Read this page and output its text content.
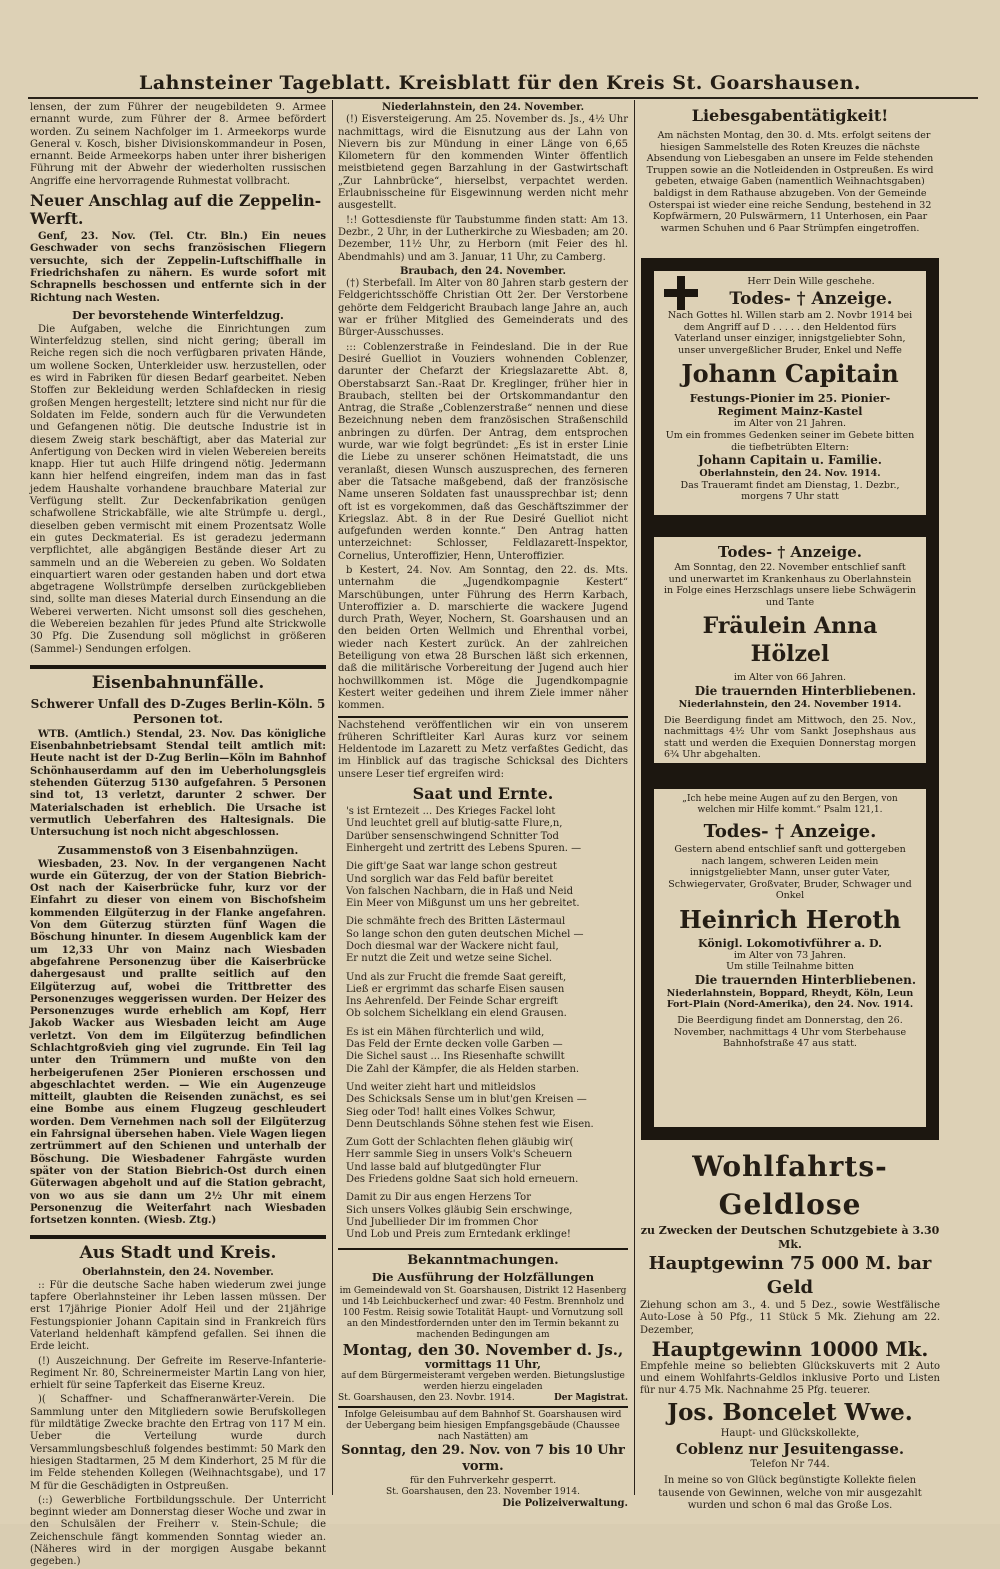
Lahnsteiner Tageblatt. Kreisblatt für den Kreis St. Goarshausen.

lensen, der zum Führer der neugebildeten 9. Armee ernannt wurde, zum Führer der 8. Armee befördert worden. Zu seinem Nachfolger im 1. Armeekorps wurde General v. Kosch, bisher Divisionskommandeur in Posen, ernannt. Beide Armeekorps haben unter ihrer bisherigen Führung mit der Abwehr der wiederholten russischen Angriffe eine hervorragende Ruhmestat vollbracht.

Neuer Anschlag auf die Zeppelin-Werft.

Genf, 23. Nov. (Tel. Ctr. Bln.) Ein neues Geschwader von sechs französischen Fliegern versuchte, sich der Zeppelin-Luftschiffhalle in Friedrichshafen zu nähern. Es wurde sofort mit Schrapnells beschossen und entfernte sich in der Richtung nach Westen.

Der bevorstehende Winterfeldzug.

Die Aufgaben, welche die Einrichtungen zum Winterfeldzug stellen, sind nicht gering; überall im Reiche regen sich die noch verfügbaren privaten Hände, um wollene Socken, Unterkleider usw. herzustellen, oder es wird in Fabriken für diesen Bedarf gearbeitet. Neben Stoffen zur Bekleidung werden Schlafdecken in riesig großen Mengen hergestellt; letztere sind nicht nur für die Soldaten im Felde, sondern auch für die Verwundeten und Gefangenen nötig. Die deutsche Industrie ist in diesem Zweig stark beschäftigt, aber das Material zur Anfertigung von Decken wird in vielen Webereien bereits knapp. Hier tut auch Hilfe dringend nötig. Jedermann kann hier helfend eingreifen, indem man das in fast jedem Haushalte vorhandene brauchbare Material zur Verfügung stellt. Zur Deckenfabrikation genügen schafwollene Strickabfälle, wie alte Strümpfe u. dergl., dieselben geben vermischt mit einem Prozentsatz Wolle ein gutes Deckmaterial. Es ist geradezu jedermann verpflichtet, alle abgängigen Bestände dieser Art zu sammeln und an die Webereien zu geben. Wo Soldaten einquartiert waren oder gestanden haben und dort etwa abgetragene Wollstrümpfe derselben zurückgeblieben sind, sollte man dieses Material durch Einsendung an die Weberei verwerten. Nicht umsonst soll dies geschehen, die Webereien bezahlen für jedes Pfund alte Strickwolle 30 Pfg. Die Zusendung soll möglichst in größeren (Sammel-) Sendungen erfolgen.

Eisenbahnunfälle.
Schwerer Unfall des D-Zuges Berlin-Köln. 5 Personen tot.

WTB. (Amtlich.) Stendal, 23. Nov. Das königliche Eisenbahnbetriebsamt Stendal teilt amtlich mit: Heute nacht ist der D-Zug Berlin—Köln im Bahnhof Schönhauserdamm auf den im Ueberholungsgleis stehenden Güterzug 5130 aufgefahren. 5 Personen sind tot, 13 verletzt, darunter 2 schwer. Der Materialschaden ist erheblich. Die Ursache ist vermutlich Ueberfahren des Haltesignals. Die Untersuchung ist noch nicht abgeschlossen.

Zusammenstoß von 3 Eisenbahnzügen.

Wiesbaden, 23. Nov. In der vergangenen Nacht wurde ein Güterzug, der von der Station Biebrich-Ost nach der Kaiserbrücke fuhr, kurz vor der Einfahrt zu dieser von einem von Bischofsheim kommenden Eilgüterzug in der Flanke angefahren. Von dem Güterzug stürzten fünf Wagen die Böschung hinunter. In diesem Augenblick kam der um 12,33 Uhr von Mainz nach Wiesbaden abgefahrene Personenzug über die Kaiserbrücke dahergesaust und prallte seitlich auf den Eilgüterzug auf, wobei die Trittbretter des Personenzuges weggerissen wurden. Der Heizer des Personenzuges wurde erheblich am Kopf, Herr Jakob Wacker aus Wiesbaden leicht am Auge verletzt. Von dem im Eilgüterzug befindlichen Schlachtgroßvieh ging viel zugrunde. Ein Teil lag unter den Trümmern und mußte von den herbeigerufenen 25er Pionieren erschossen und abgeschlachtet werden. — Wie ein Augenzeuge mitteilt, glaubten die Reisenden zunächst, es sei eine Bombe aus einem Flugzeug geschleudert worden. Dem Vernehmen nach soll der Eilgüterzug ein Fahrsignal übersehen haben. Viele Wagen liegen zertrümmert auf den Schienen und unterhalb der Böschung. Die Wiesbadener Fahrgäste wurden später von der Station Biebrich-Ost durch einen Güterwagen abgeholt und auf die Station gebracht, von wo aus sie dann um 2½ Uhr mit einem Personenzug die Weiterfahrt nach Wiesbaden fortsetzen konnten. (Wiesb. Ztg.)

Aus Stadt und Kreis.
Oberlahnstein, den 24. November.

:: Für die deutsche Sache haben wiederum zwei junge tapfere Oberlahnsteiner ihr Leben lassen müssen. Der erst 17jährige Pionier Adolf Heil und der 21jährige Festungspionier Johann Capitain sind in Frankreich fürs Vaterland heldenhaft kämpfend gefallen. Sei ihnen die Erde leicht.

(!) Auszeichnung. Der Gefreite im Reserve-Infanterie-Regiment Nr. 80, Schreinermeister Martin Lang von hier, erhielt für seine Tapferkeit das Eiserne Kreuz.

)( Schaffner- und Schaffneranwärter-Verein. Die Sammlung unter den Mitgliedern sowie Berufskollegen für mildtätige Zwecke brachte den Ertrag von 117 M ein. Ueber die Verteilung wurde durch Versammlungsbeschluß folgendes bestimmt: 50 Mark den hiesigen Stadtarmen, 25 M dem Kinderhort, 25 M für die im Felde stehenden Kollegen (Weihnachtsgabe), und 17 M für die Geschädigten in Ostpreußen.

(::) Gewerbliche Fortbildungsschule. Der Unterricht beginnt wieder am Donnerstag dieser Woche und zwar in den Schulsälen der Freiherr v. Stein-Schule; die Zeichenschule fängt kommenden Sonntag wieder an. (Näheres wird in der morgigen Ausgabe bekannt gegeben.)

Niederlahnstein, den 24. November.

(!) Eisversteigerung. Am 25. November ds. Js., 4½ Uhr nachmittags, wird die Eisnutzung aus der Lahn von Nievern bis zur Mündung in einer Länge von 6,65 Kilometern für den kommenden Winter öffentlich meistbietend gegen Barzahlung in der Gastwirtschaft „Zur Lahnbrücke“, hierselbst, verpachtet werden. Erlaubnisscheine für Eisgewinnung werden nicht mehr ausgestellt.

!:! Gottesdienste für Taubstumme finden statt: Am 13. Dezbr., 2 Uhr, in der Lutherkirche zu Wiesbaden; am 20. Dezember, 11½ Uhr, zu Herborn (mit Feier des hl. Abendmahls) und am 3. Januar, 11 Uhr, zu Camberg.

Braubach, den 24. November.

(†) Sterbefall. Im Alter von 80 Jahren starb gestern der Feldgerichtsschöffe Christian Ott 2er. Der Verstorbene gehörte dem Feldgericht Braubach lange Jahre an, auch war er früher Mitglied des Gemeinderats und des Bürger-Ausschusses.

::: Coblenzerstraße in Feindesland. Die in der Rue Desiré Guelliot in Vouziers wohnenden Coblenzer, darunter der Chefarzt der Kriegslazarette Abt. 8, Oberstabsarzt San.-Raat Dr. Kreglinger, früher hier in Braubach, stellten bei der Ortskommandantur den Antrag, die Straße „Coblenzerstraße“ nennen und diese Bezeichnung neben dem französischen Straßenschild anbringen zu dürfen. Der Antrag, dem entsprochen wurde, war wie folgt begründet: „Es ist in erster Linie die Liebe zu unserer schönen Heimatstadt, die uns veranlaßt, diesen Wunsch auszusprechen, des ferneren aber die Tatsache maßgebend, daß der französische Name unseren Soldaten fast unaussprechbar ist; denn oft ist es vorgekommen, daß das Geschäftszimmer der Kriegslaz. Abt. 8 in der Rue Desiré Guelliot nicht aufgefunden werden konnte.“ Den Antrag hatten unterzeichnet: Schlosser, Feldlazarett-Inspektor, Cornelius, Unteroffizier, Henn, Unteroffizier.

b Kestert, 24. Nov. Am Sonntag, den 22. ds. Mts. unternahm die „Jugendkompagnie Kestert“ Marschübungen, unter Führung des Herrn Karbach, Unteroffizier a. D. marschierte die wackere Jugend durch Prath, Weyer, Nochern, St. Goarshausen und an den beiden Orten Wellmich und Ehrenthal vorbei, wieder nach Kestert zurück. An der zahlreichen Beteiligung von etwa 28 Burschen läßt sich erkennen, daß die militärische Vorbereitung der Jugend auch hier hochwillkommen ist. Möge die Jugendkompagnie Kestert weiter gedeihen und ihrem Ziele immer näher kommen.

Nachstehend veröffentlichen wir ein von unserem früheren Schriftleiter Karl Auras kurz vor seinem Heldentode im Lazarett zu Metz verfaßtes Gedicht, das im Hinblick auf das tragische Schicksal des Dichters unsere Leser tief ergreifen wird:

Saat und Ernte.
's ist Erntezeit ... Des Krieges Fackel loht
Und leuchtet grell auf blutig-satte Flure,n,
Darüber sensenschwingend Schnitter Tod
Einhergeht und zertritt des Lebens Spuren. —
Die gift'ge Saat war lange schon gestreut
Und sorglich war das Feld bafür bereitet
Von falschen Nachbarn, die in Haß und Neid
Ein Meer von Mißgunst um uns her gebreitet.
Die schmähte frech des Britten Lästermaul
So lange schon den guten deutschen Michel —
Doch diesmal war der Wackere nicht faul,
Er nutzt die Zeit und wetze seine Sichel.
Und als zur Frucht die fremde Saat gereift,
Ließ er ergrimmt das scharfe Eisen sausen
Ins Aehrenfeld. Der Feinde Schar ergreift
Ob solchem Sichelklang ein elend Grausen.
Es ist ein Mähen fürchterlich und wild,
Das Feld der Ernte decken volle Garben —
Die Sichel saust ... Ins Riesenhafte schwillt
Die Zahl der Kämpfer, die als Helden starben.
Und weiter zieht hart und mitleidslos
Des Schicksals Sense um in blut'gen Kreisen —
Sieg oder Tod! hallt eines Volkes Schwur,
Denn Deutschlands Söhne stehen fest wie Eisen.
Zum Gott der Schlachten flehen gläubig wir(
Herr sammle Sieg in unsers Volk's Scheuern
Und lasse bald auf blutgedüngter Flur
Des Friedens goldne Saat sich hold erneuern.
Damit zu Dir aus engen Herzens Tor
Sich unsers Volkes gläubig Sein erschwinge,
Und Jubellieder Dir im frommen Chor
Und Lob und Preis zum Erntedank erklinge!
Bekanntmachungen.
Die Ausführung der Holzfällungen
im Gemeindewald von St. Goarshausen, Distrikt 12 Hasenberg und 14b Leichbuckerhecf und zwar: 40 Festm. Brennholz und 100 Festm. Reisig sowie Totalität Haupt- und Vornutzung soll an den Mindestfordernden unter den im Termin bekannt zu machenden Bedingungen am
Montag, den 30. November d. Js.,
vormittags 11 Uhr,
auf dem Bürgermeisteramt vergeben werden. Bietungslustige werden hierzu eingeladen
St. Goarshausen, den 23. Novbr. 1914.	Der Magistrat.
Infolge Geleisumbau auf dem Bahnhof St. Goarshausen wird der Uebergang beim hiesigen Empfangsgebäude (Chaussee nach Nastätten) am
Sonntag, den 29. Nov. von 7 bis 10 Uhr vorm.
für den Fuhrverkehr gesperrt.
St. Goarshausen, den 23. November 1914.
Die Polizeiverwaltung.
Liebesgabentätigkeit!

Am nächsten Montag, den 30. d. Mts. erfolgt seitens der hiesigen Sammelstelle des Roten Kreuzes die nächste Absendung von Liebesgaben an unsere im Felde stehenden Truppen sowie an die Notleidenden in Ostpreußen. Es wird gebeten, etwaige Gaben (namentlich Weihnachtsgaben) baldigst in dem Rathause abzugeben. Von der Gemeinde Osterspai ist wieder eine reiche Sendung, bestehend in 32 Kopfwärmern, 20 Pulswärmern, 11 Unterhosen, ein Paar warmen Schuhen und 6 Paar Strümpfen eingetroffen.

Herr Dein Wille geschehe.
Todes- † Anzeige.
Nach Gottes hl. Willen starb am 2. Novbr 1914 bei dem Angriff auf D . . . . . den Heldentod fürs Vaterland unser einziger, innigstgeliebter Sohn, unser unvergeßlicher Bruder, Enkel und Neffe
Johann Capitain
Festungs-Pionier im 25. Pionier-Regiment Mainz-Kastel
im Alter von 21 Jahren.
Um ein frommes Gedenken seiner im Gebete bitten die tiefbetrübten Eltern:
Johann Capitain u. Familie.
Oberlahnstein, den 24. Nov. 1914.
Das Traueramt findet am Dienstag, 1. Dezbr., morgens 7 Uhr statt
Todes- † Anzeige.
Am Sonntag, den 22. November entschlief sanft und unerwartet im Krankenhaus zu Oberlahnstein in Folge eines Herzschlags unsere liebe Schwägerin und Tante
Fräulein Anna Hölzel
im Alter von 66 Jahren.
Die trauernden Hinterbliebenen.
Niederlahnstein, den 24. November 1914.
Die Beerdigung findet am Mittwoch, den 25. Nov., nachmittags 4½ Uhr vom Sankt Josephshaus aus statt und werden die Exequien Donnerstag morgen 6¾ Uhr abgehalten.
„Ich hebe meine Augen auf zu den Bergen, von welchen mir Hilfe kommt.“ Psalm 121,1.
Todes- † Anzeige.
Gestern abend entschlief sanft und gottergeben nach langem, schweren Leiden mein innigstgeliebter Mann, unser guter Vater, Schwiegervater, Großvater, Bruder, Schwager und Onkel
Heinrich Heroth
Königl. Lokomotivführer a. D.
im Alter von 73 Jahren.
Um stille Teilnahme bitten
Die trauernden Hinterbliebenen.
Niederlahnstein, Boppard, Rheydt, Köln, Leun Fort-Plain (Nord-Amerika), den 24. Nov. 1914.
Die Beerdigung findet am Donnerstag, den 26. November, nachmittags 4 Uhr vom Sterbehause Bahnhofstraße 47 aus statt.
Wohlfahrts-Geldlose
zu Zwecken der Deutschen Schutzgebiete à 3.30 Mk.
Hauptgewinn 75 000 M. bar Geld
Ziehung schon am 3., 4. und 5 Dez., sowie Westfälische Auto-Lose à 50 Pfg., 11 Stück 5 Mk. Ziehung am 22. Dezember,
Hauptgewinn 10000 Mk.
Empfehle meine so beliebten Glückskuverts mit 2 Auto und einem Wohlfahrts-Geldlos inklusive Porto und Listen für nur 4.75 Mk. Nachnahme 25 Pfg. teuerer.
Jos. Boncelet Wwe.
Haupt- und Glückskollekte,
Coblenz nur Jesuitengasse.
Telefon Nr 744.
In meine so von Glück begünstigte Kollekte fielen tausende von Gewinnen, welche von mir ausgezahlt wurden und schon 6 mal das Große Los.
